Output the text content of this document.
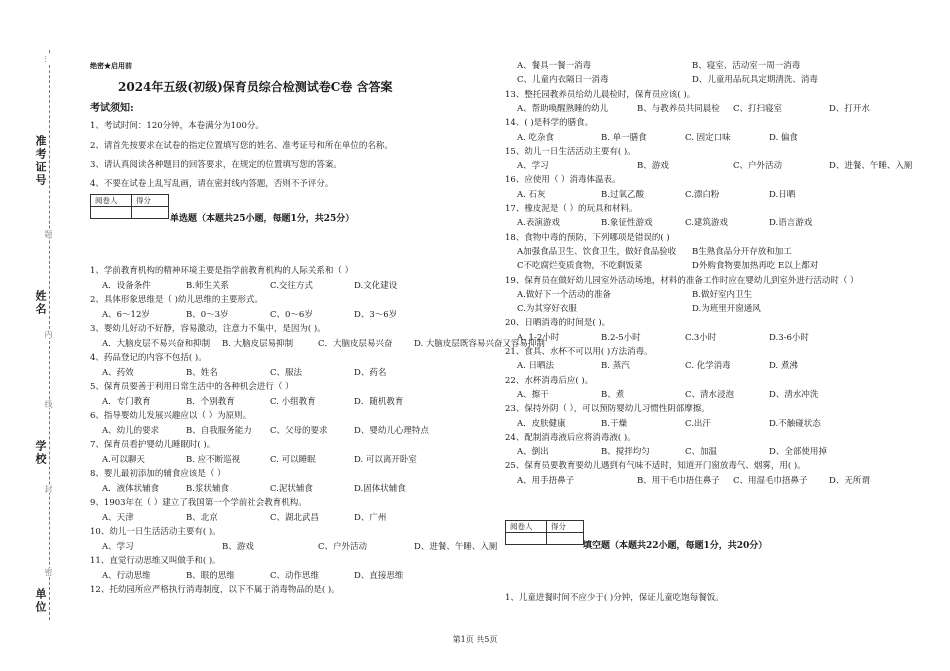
准考证号
姓名
学校
单位
题
内
线
封
密
...
绝密★启用前
2024年五级(初级)保育员综合检测试卷C卷 含答案
考试须知:
1、考试时间：120分钟，本卷满分为100分。
2、请首先按要求在试卷的指定位置填写您的姓名、准考证号和所在单位的名称。
3、请认真阅读各种题目的回答要求，在规定的位置填写您的答案。
4、不要在试卷上乱写乱画，请在密封线内答题，否则不予评分。
阅卷人	得分

单选题（本题共25小题，每题1分，共25分）
1、学前教育机构的精神环境主要是指学前教育机构的人际关系和（ ）
A．设备条件	B.师生关系	C.交往方式	D.文化建设
2、具体形象思维是（ )幼儿思维的主要形式。
A、6～12岁	B、0～3岁	C、0～6岁	D、3～6岁
3、婴幼儿好动不好静，容易激动，注意力不集中，是因为( )。
A．大脑皮层不易兴奋和抑制 B. 大脑皮层易抑制	C．大脑皮层易兴奋	D. 大脑皮层既容易兴奋又容易抑制
4、药品登记的内容不包括( )。
A、药效	B、姓名	C、服法	D、药名
5、保育员要善于利用日常生活中的各种机会进行（ ）
A．专门教育	B．个别教育	C. 小组教育	D．随机教育
6、指导婴幼儿发展兴趣应以（ ）为原则。
A、幼儿的要求	B、自我服务能力 C、父母的要求	D、婴幼儿心理特点
7、保育员看护婴幼儿睡眠时( )。
A.可以聊天	B. 应不断巡视	C. 可以睡眠	D. 可以离开卧室
8、婴儿最初添加的辅食应该是（ ）
A．液体状辅食	B.浆状辅食	C.泥状辅食	D.固体状辅食
9、1903年在（ ）建立了我国第一个学前社会教育机构。
A、天津	B、北京	C、湖北武昌	D、广州
10、幼儿一日生活活动主要有( )。
A、学习	B、游戏	C、户外活动	D、进餐、午睡、入厕
11、直觉行动思维又叫做手和( )。
A、行动思维	B、眼的思维	C、动作思维	D、直接思维
12、托幼园所应严格执行消毒制度，以下不属于消毒物品的是( )。
A、餐具一餐一消毒	B、寝室、活动室一周一消毒
C、儿童内衣隔日一消毒	D、儿童用品玩具定期清洗、消毒
13、整托园教养员给幼儿晨检时，保育员应该( )。
A、帮助唤醒熟睡的幼儿	B、与教养员共同晨检 C、打扫寝室	D、打开水
14、( )是科学的膳食。
A. 吃杂食	B. 单一膳食	C. 固定口味	D. 偏食
15、幼儿一日生活活动主要有( )。
A、学习	B、游戏	C、户外活动	D、进餐、午睡、入厕
16、应使用（ ）消毒体温表。
A. 石灰	B.过氧乙酸	C.漂白粉	D.日晒
17、橡皮泥是（ ）的玩具和材料。
A.表演游戏	B.象征性游戏	C.建筑游戏	D.语言游戏
18、食物中毒的预防，下列哪项是错误的( )
A加强食品卫生、饮食卫生，做好食品验收 B生熟食品分开存放和加工
C不吃腐烂变质食物，不吃剩饭菜	D外购食物要加热再吃 E以上都对
19、保育员在做好幼儿园室外活动场地，材料的准备工作时应在婴幼儿到室外进行活动时（ ）
A.做好下一个活动的准备	B.做好室内卫生
C.为其穿好衣服	D.为班里开窗通风
20、日晒消毒的时间是( )。
A. 1-2小时	B.2-5小时	C.3小时	D.3-6小时
21、食具、水杯不可以用( )方法消毒。
A. 日晒法	B. 蒸汽	C. 化学消毒	D. 煮沸
22、水杯消毒后应( )。
A、擦干	B、煮	C、清水浸泡	D、清水冲洗
23、保持外阴（ ），可以预防婴幼儿习惯性阴部摩擦。
A．皮肤健康	B.干燥	C.出汗	D.不触碰状态
24、配制消毒液后应将消毒液( )。
A、倒出	B、搅拌均匀	C、加温	D、全部使用掉
25、保育员要教育要幼儿遇到有气味不适时，知道开门窗放毒气、烟雾，用( )。
A、用手捂鼻子	B、用干毛巾捂住鼻子 C、用湿毛巾捂鼻子	D、无所谓
阅卷人	得分

填空题（本题共22小题，每题1分，共20分）
1、儿童进餐时间不应少于( )分钟，保证儿童吃饱每餐饭。
第1页 共5页
